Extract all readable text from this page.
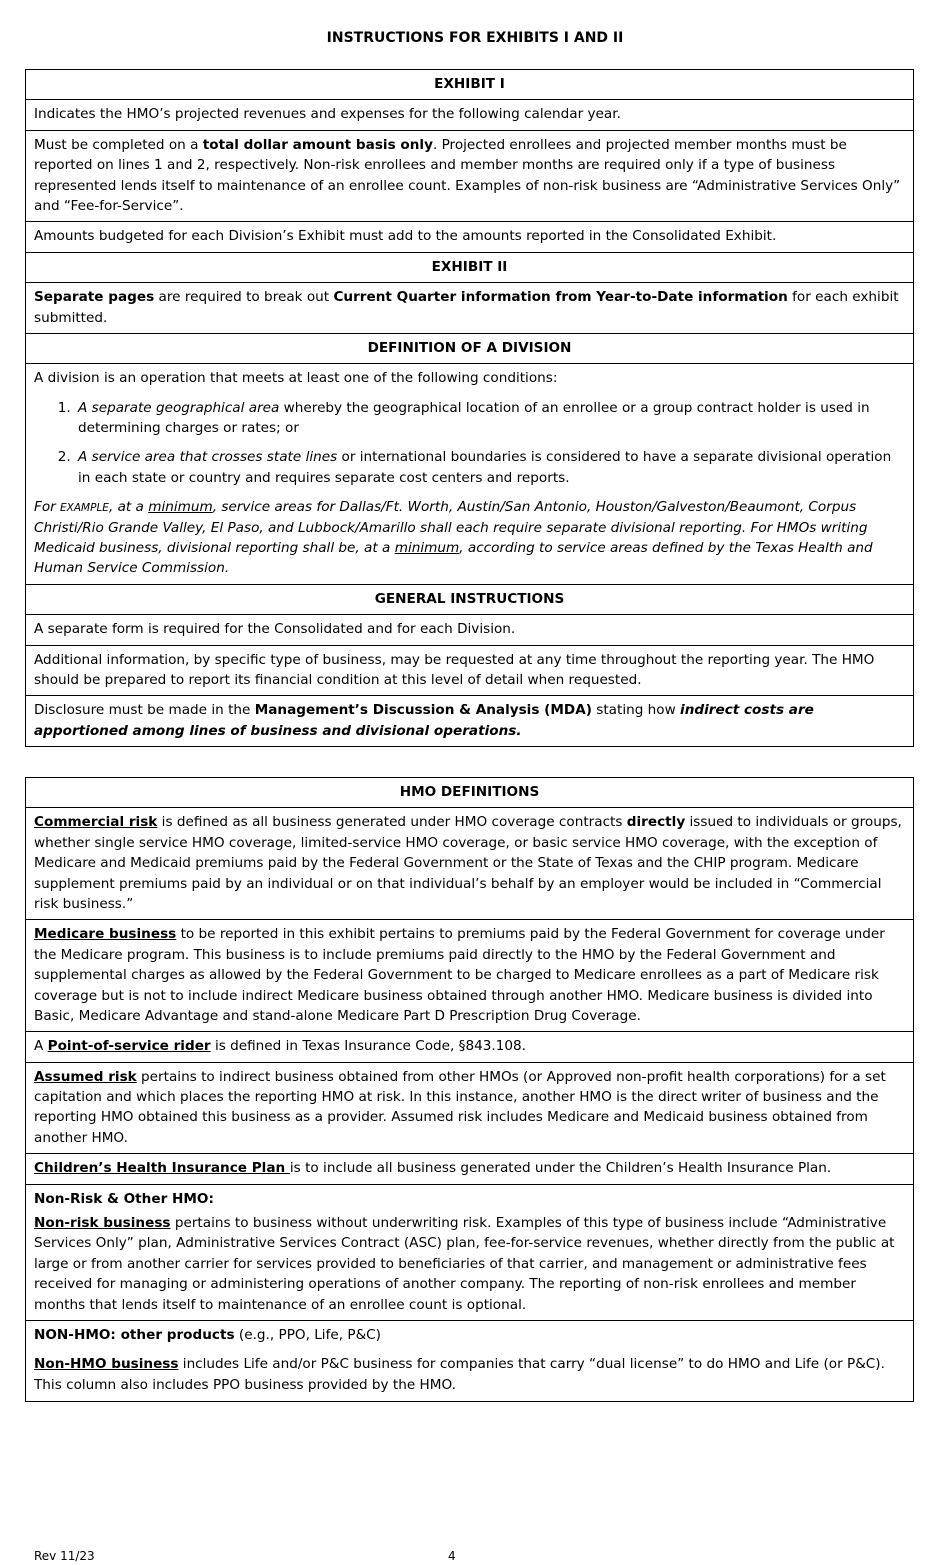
INSTRUCTIONS FOR EXHIBITS I AND II
EXHIBIT I
Indicates the HMO’s projected revenues and expenses for the following calendar year.
Must be completed on a total dollar amount basis only. Projected enrollees and projected member months must be reported on lines 1 and 2, respectively. Non-risk enrollees and member months are required only if a type of business represented lends itself to maintenance of an enrollee count. Examples of non-risk business are “Administrative Services Only” and “Fee-for-Service”.
Amounts budgeted for each Division’s Exhibit must add to the amounts reported in the Consolidated Exhibit.
EXHIBIT II
Separate pages are required to break out Current Quarter information from Year-to-Date information for each exhibit submitted.
DEFINITION OF A DIVISION

A division is an operation that meets at least one of the following conditions:

1. A separate geographical area whereby the geographical location of an enrollee or a group contract holder is used in determining charges or rates; or
2. A service area that crosses state lines or international boundaries is considered to have a separate divisional operation in each state or country and requires separate cost centers and reports.

For EXAMPLE, at a minimum, service areas for Dallas/Ft. Worth, Austin/San Antonio, Houston/Galveston/Beaumont, Corpus Christi/Rio Grande Valley, El Paso, and Lubbock/Amarillo shall each require separate divisional reporting. For HMOs writing Medicaid business, divisional reporting shall be, at a minimum, according to service areas defined by the Texas Health and Human Service Commission.

GENERAL INSTRUCTIONS
A separate form is required for the Consolidated and for each Division.
Additional information, by specific type of business, may be requested at any time throughout the reporting year. The HMO should be prepared to report its financial condition at this level of detail when requested.
Disclosure must be made in the Management’s Discussion & Analysis (MDA) stating how indirect costs are apportioned among lines of business and divisional operations.
HMO DEFINITIONS
Commercial risk is defined as all business generated under HMO coverage contracts directly issued to individuals or groups, whether single service HMO coverage, limited-service HMO coverage, or basic service HMO coverage, with the exception of Medicare and Medicaid premiums paid by the Federal Government or the State of Texas and the CHIP program. Medicare supplement premiums paid by an individual or on that individual’s behalf by an employer would be included in “Commercial risk business.”
Medicare business to be reported in this exhibit pertains to premiums paid by the Federal Government for coverage under the Medicare program. This business is to include premiums paid directly to the HMO by the Federal Government and supplemental charges as allowed by the Federal Government to be charged to Medicare enrollees as a part of Medicare risk coverage but is not to include indirect Medicare business obtained through another HMO. Medicare business is divided into Basic, Medicare Advantage and stand-alone Medicare Part D Prescription Drug Coverage.
A Point-of-service rider is defined in Texas Insurance Code, §843.108.
Assumed risk pertains to indirect business obtained from other HMOs (or Approved non-profit health corporations) for a set capitation and which places the reporting HMO at risk. In this instance, another HMO is the direct writer of business and the reporting HMO obtained this business as a provider. Assumed risk includes Medicare and Medicaid business obtained from another HMO.
Children’s Health Insurance Plan is to include all business generated under the Children’s Health Insurance Plan.

Non-Risk & Other HMO:

Non-risk business pertains to business without underwriting risk. Examples of this type of business include “Administrative Services Only” plan, Administrative Services Contract (ASC) plan, fee-for-service revenues, whether directly from the public at large or from another carrier for services provided to beneficiaries of that carrier, and management or administrative fees received for managing or administering operations of another company. The reporting of non-risk enrollees and member months that lends itself to maintenance of an enrollee count is optional.

NON-HMO: other products (e.g., PPO, Life, P&C)

Non-HMO business includes Life and/or P&C business for companies that carry “dual license” to do HMO and Life (or P&C). This column also includes PPO business provided by the HMO.

Rev 11/23	4
